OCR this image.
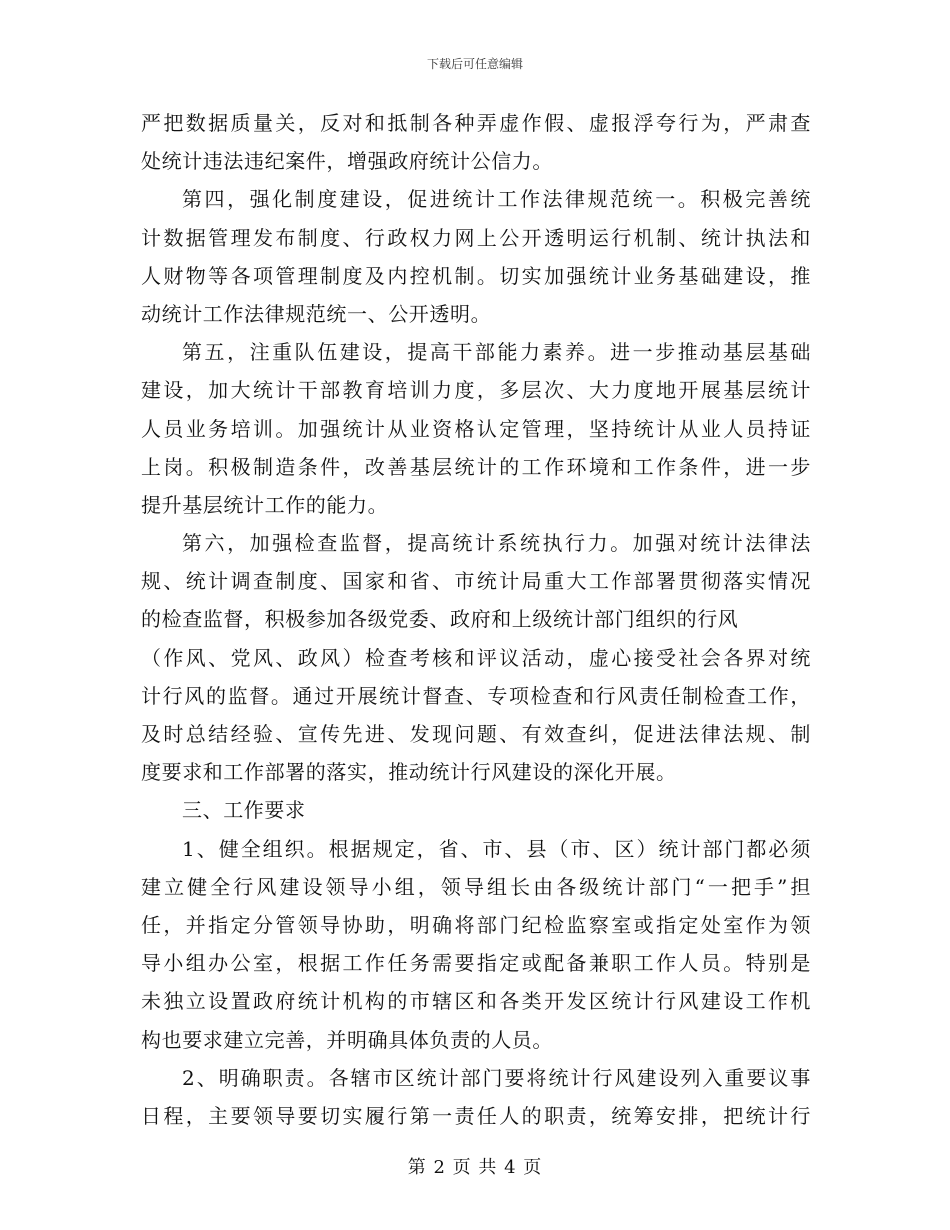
下载后可任意编辑
严把数据质量关，反对和抵制各种弄虚作假、虚报浮夸行为，严肃查
处统计违法违纪案件，增强政府统计公信力。
第四，强化制度建设，促进统计工作法律规范统一。积极完善统
计数据管理发布制度、行政权力网上公开透明运行机制、统计执法和
人财物等各项管理制度及内控机制。切实加强统计业务基础建设，推
动统计工作法律规范统一、公开透明。
第五，注重队伍建设，提高干部能力素养。进一步推动基层基础
建设，加大统计干部教育培训力度，多层次、大力度地开展基层统计
人员业务培训。加强统计从业资格认定管理，坚持统计从业人员持证
上岗。积极制造条件，改善基层统计的工作环境和工作条件，进一步
提升基层统计工作的能力。
第六，加强检查监督，提高统计系统执行力。加强对统计法律法
规、统计调查制度、国家和省、市统计局重大工作部署贯彻落实情况
的检查监督，积极参加各级党委、政府和上级统计部门组织的行风
（作风、党风、政风）检查考核和评议活动，虚心接受社会各界对统
计行风的监督。通过开展统计督查、专项检查和行风责任制检查工作，
及时总结经验、宣传先进、发现问题、有效查纠，促进法律法规、制
度要求和工作部署的落实，推动统计行风建设的深化开展。
三、工作要求
1、健全组织。根据规定，省、市、县（市、区）统计部门都必须
建立健全行风建设领导小组，领导组长由各级统计部门“一把手”担
任，并指定分管领导协助，明确将部门纪检监察室或指定处室作为领
导小组办公室，根据工作任务需要指定或配备兼职工作人员。特别是
未独立设置政府统计机构的市辖区和各类开发区统计行风建设工作机
构也要求建立完善，并明确具体负责的人员。
2、明确职责。各辖市区统计部门要将统计行风建设列入重要议事
日程，主要领导要切实履行第一责任人的职责，统筹安排，把统计行
第 2 页 共 4 页
